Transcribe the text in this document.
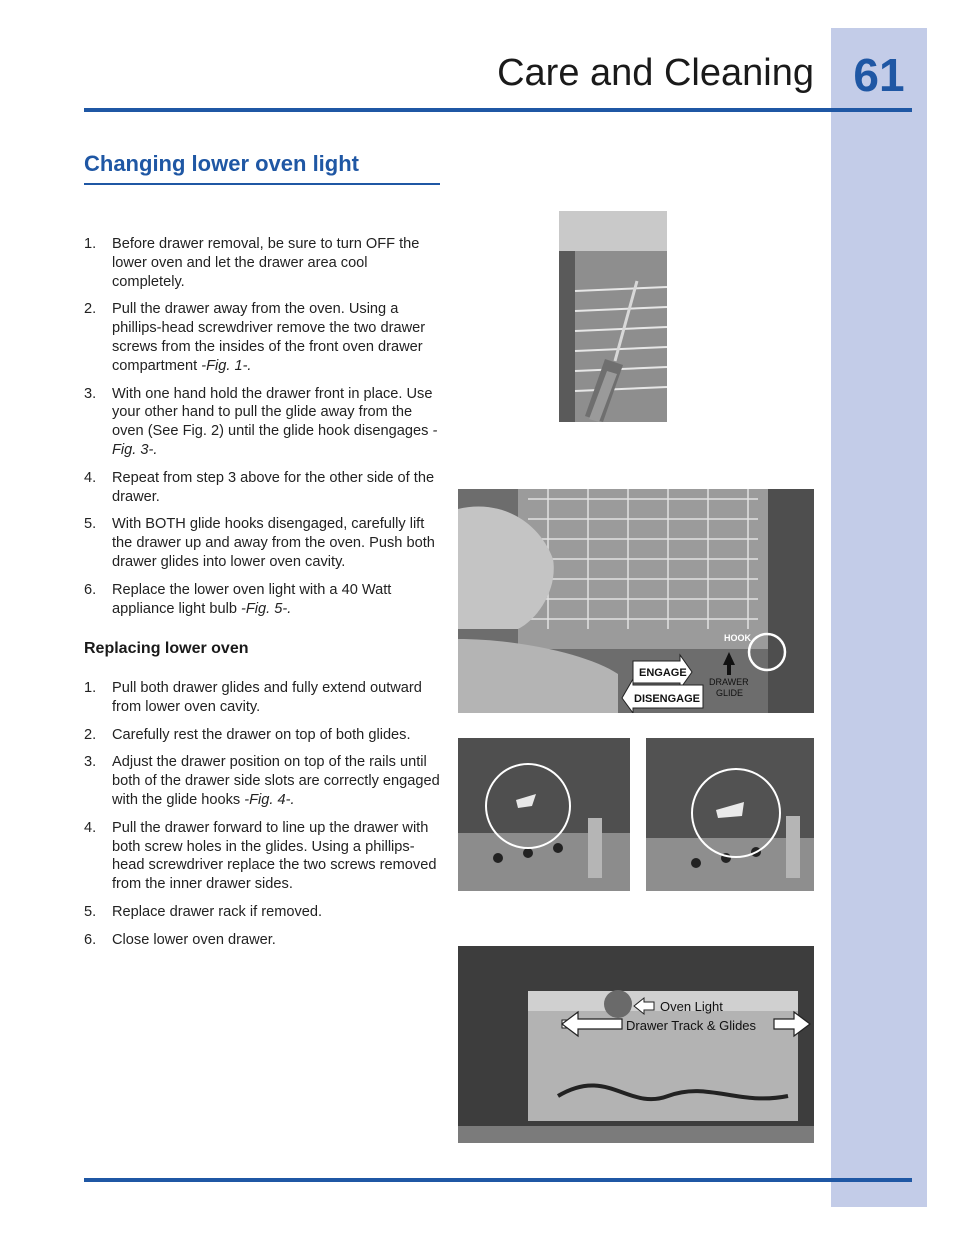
61
Care and Cleaning
Changing lower oven light
1. Before drawer removal, be sure to turn OFF the lower oven and let the drawer area cool completely.
2. Pull the drawer away from the oven. Using a phillips-head screwdriver remove the two drawer screws from the insides of the front oven drawer compartment -Fig. 1-.
3. With one hand hold the drawer front in place. Use your other hand to pull the glide away from the oven (See Fig. 2) until the glide hook disengages -Fig. 3-.
4. Repeat from step 3 above for the other side of the drawer.
5. With BOTH glide hooks disengaged, carefully lift the drawer up and away from the oven. Push both drawer glides into lower oven cavity.
6. Replace the lower oven light with a 40 Watt appliance light bulb -Fig. 5-.
Replacing lower oven
1. Pull both drawer glides and fully extend outward from lower oven cavity.
2. Carefully rest the drawer on top of both glides.
3. Adjust the drawer position on top of the rails until both of the drawer side slots are correctly engaged with the glide hooks -Fig. 4-.
4. Pull the drawer forward to line up the drawer with both screw holes in the glides. Using a phillips-head screwdriver replace the two screws removed from the inner drawer sides.
5. Replace drawer rack if removed.
6. Close lower oven drawer.
HOOK
ENGAGE
DISENGAGE
DRAWER
GLIDE
Oven Light
Drawer Track & Glides
